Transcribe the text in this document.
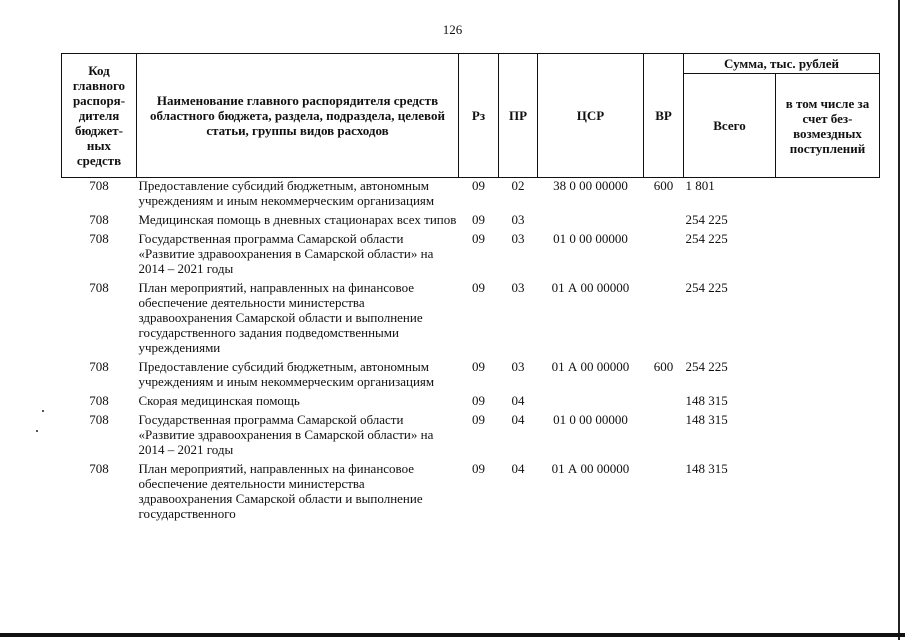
126
Код главного распоря-дителя бюджет-ных средств	Наименование главного распорядителя средств областного бюджета, раздела, подраздела, целевой статьи, группы видов расходов	Рз	ПР	ЦСР	ВР	Сумма, тыс. рублей	
						Всего	в том числе за счет без-возмездных поступлений
708	Предоставление субсидий бюджетным, автономным учреждениям и иным некоммерческим организациям	09	02	38 0 00 00000	600	1 801	
708	Медицинская помощь в дневных стационарах всех типов	09	03			254 225	
708	Государственная программа Самарской области «Развитие здравоохранения в Самарской области» на 2014 – 2021 годы	09	03	01 0 00 00000		254 225	
708	План мероприятий, направленных на финансовое обеспечение деятельности министерства здравоохранения Самарской области и выполнение государственного задания подведомственными учреждениями	09	03	01 А 00 00000		254 225	
708	Предоставление субсидий бюджетным, автономным учреждениям и иным некоммерческим организациям	09	03	01 А 00 00000	600	254 225	
708	Скорая медицинская помощь	09	04			148 315	
708	Государственная программа Самарской области «Развитие здравоохранения в Самарской области» на 2014 – 2021 годы	09	04	01 0 00 00000		148 315	
708	План мероприятий, направленных на финансовое обеспечение деятельности министерства здравоохранения Самарской области и выполнение государственного	09	04	01 А 00 00000		148 315	
